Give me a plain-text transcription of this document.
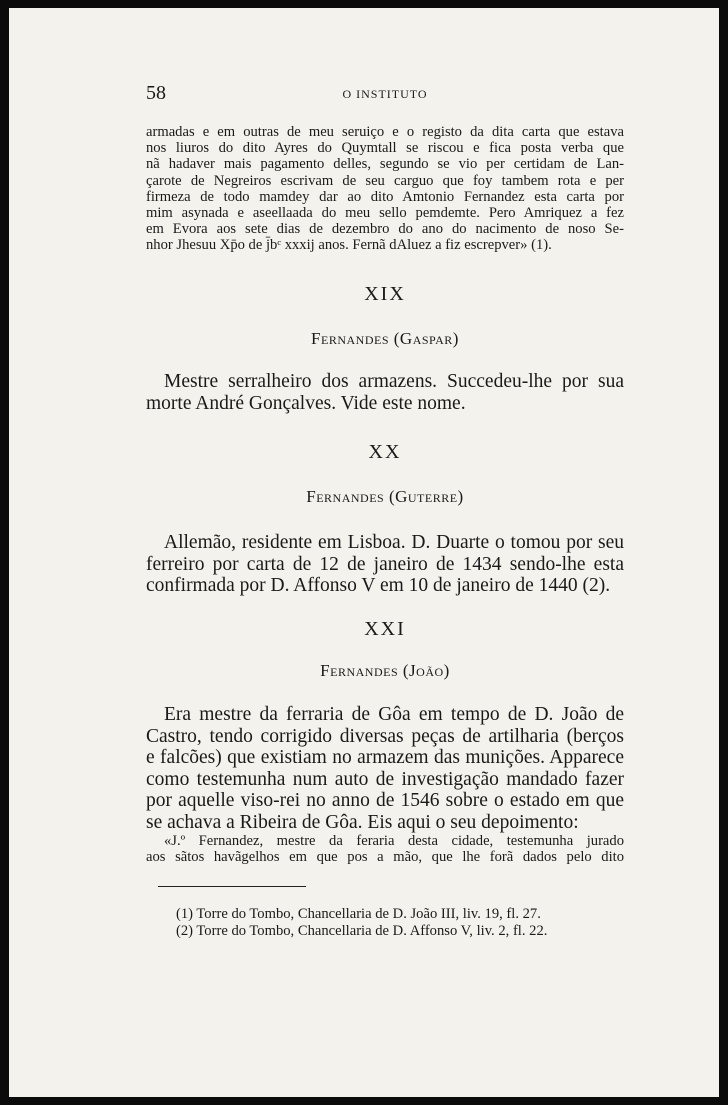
58	O INSTITUTO

armadas e em outras de meu seruiço e o registo da dita carta que estava

nos liuros do dito Ayres do Quymtall se riscou e fica posta verba que

nã hadaver mais pagamento delles, segundo se vio per certidam de Lan-

çarote de Negreiros escrivam de seu carguo que foy tambem rota e per

firmeza de todo mamdey dar ao dito Amtonio Fernandez esta carta por

mim asynada e aseellaada do meu sello pemdemte. Pero Amriquez a fez

em Evora aos sete dias de dezembro do ano do nacimento de noso Se-

nhor Jhesuu Xp̄o de j̄bᶜ xxxij anos. Fernã dAluez a fiz escrepver» (1).

XIX
Fernandes (Gaspar)
Mestre serralheiro dos armazens. Succedeu-lhe por sua
morte André Gonçalves. Vide este nome.
XX
Fernandes (Guterre)
Allemão, residente em Lisboa. D. Duarte o tomou por seu
ferreiro por carta de 12 de janeiro de 1434 sendo-lhe esta
confirmada por D. Affonso V em 10 de janeiro de 1440 (2).
XXI
Fernandes (João)
Era mestre da ferraria de Gôa em tempo de D. João de
Castro, tendo corrigido diversas peças de artilharia (berços
e falcões) que existiam no armazem das munições. Apparece
como testemunha num auto de investigação mandado fazer
por aquelle viso-rei no anno de 1546 sobre o estado em que
se achava a Ribeira de Gôa. Eis aqui o seu depoimento:
«J.º Fernandez, mestre da feraria desta cidade, testemunha jurado
aos sãtos havãgelhos em que pos a mão, que lhe forã dados pelo dito
(1) Torre do Tombo, Chancellaria de D. João III, liv. 19, fl. 27.
(2) Torre do Tombo, Chancellaria de D. Affonso V, liv. 2, fl. 22.
